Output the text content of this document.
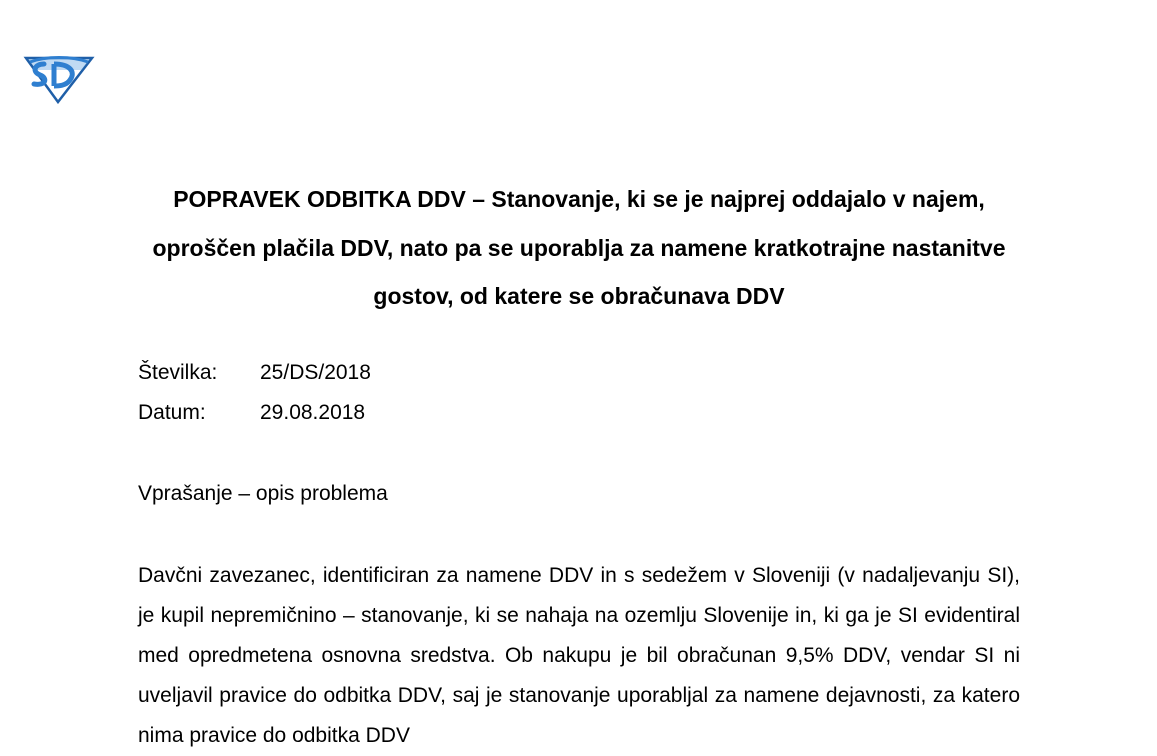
POPRAVEK ODBITKA DDV – Stanovanje, ki se je najprej oddajalo v najem, oproščen plačila DDV, nato pa se uporablja za namene kratkotrajne nastanitve gostov, od katere se obračunava DDV
Številka: 25/DS/2018
Datum:	29.08.2018
Vprašanje – opis problema

Davčni zavezanec, identificiran za namene DDV in s sedežem v Sloveniji (v nadaljevanju SI), je kupil nepremičnino – stanovanje, ki se nahaja na ozemlju Slovenije in, ki ga je SI evidentiral med opredmetena osnovna sredstva. Ob nakupu je bil obračunan 9,5% DDV, vendar SI ni uveljavil pravice do odbitka DDV, saj je stanovanje uporabljal za namene dejavnosti, za katero nima pravice do odbitka DDV
